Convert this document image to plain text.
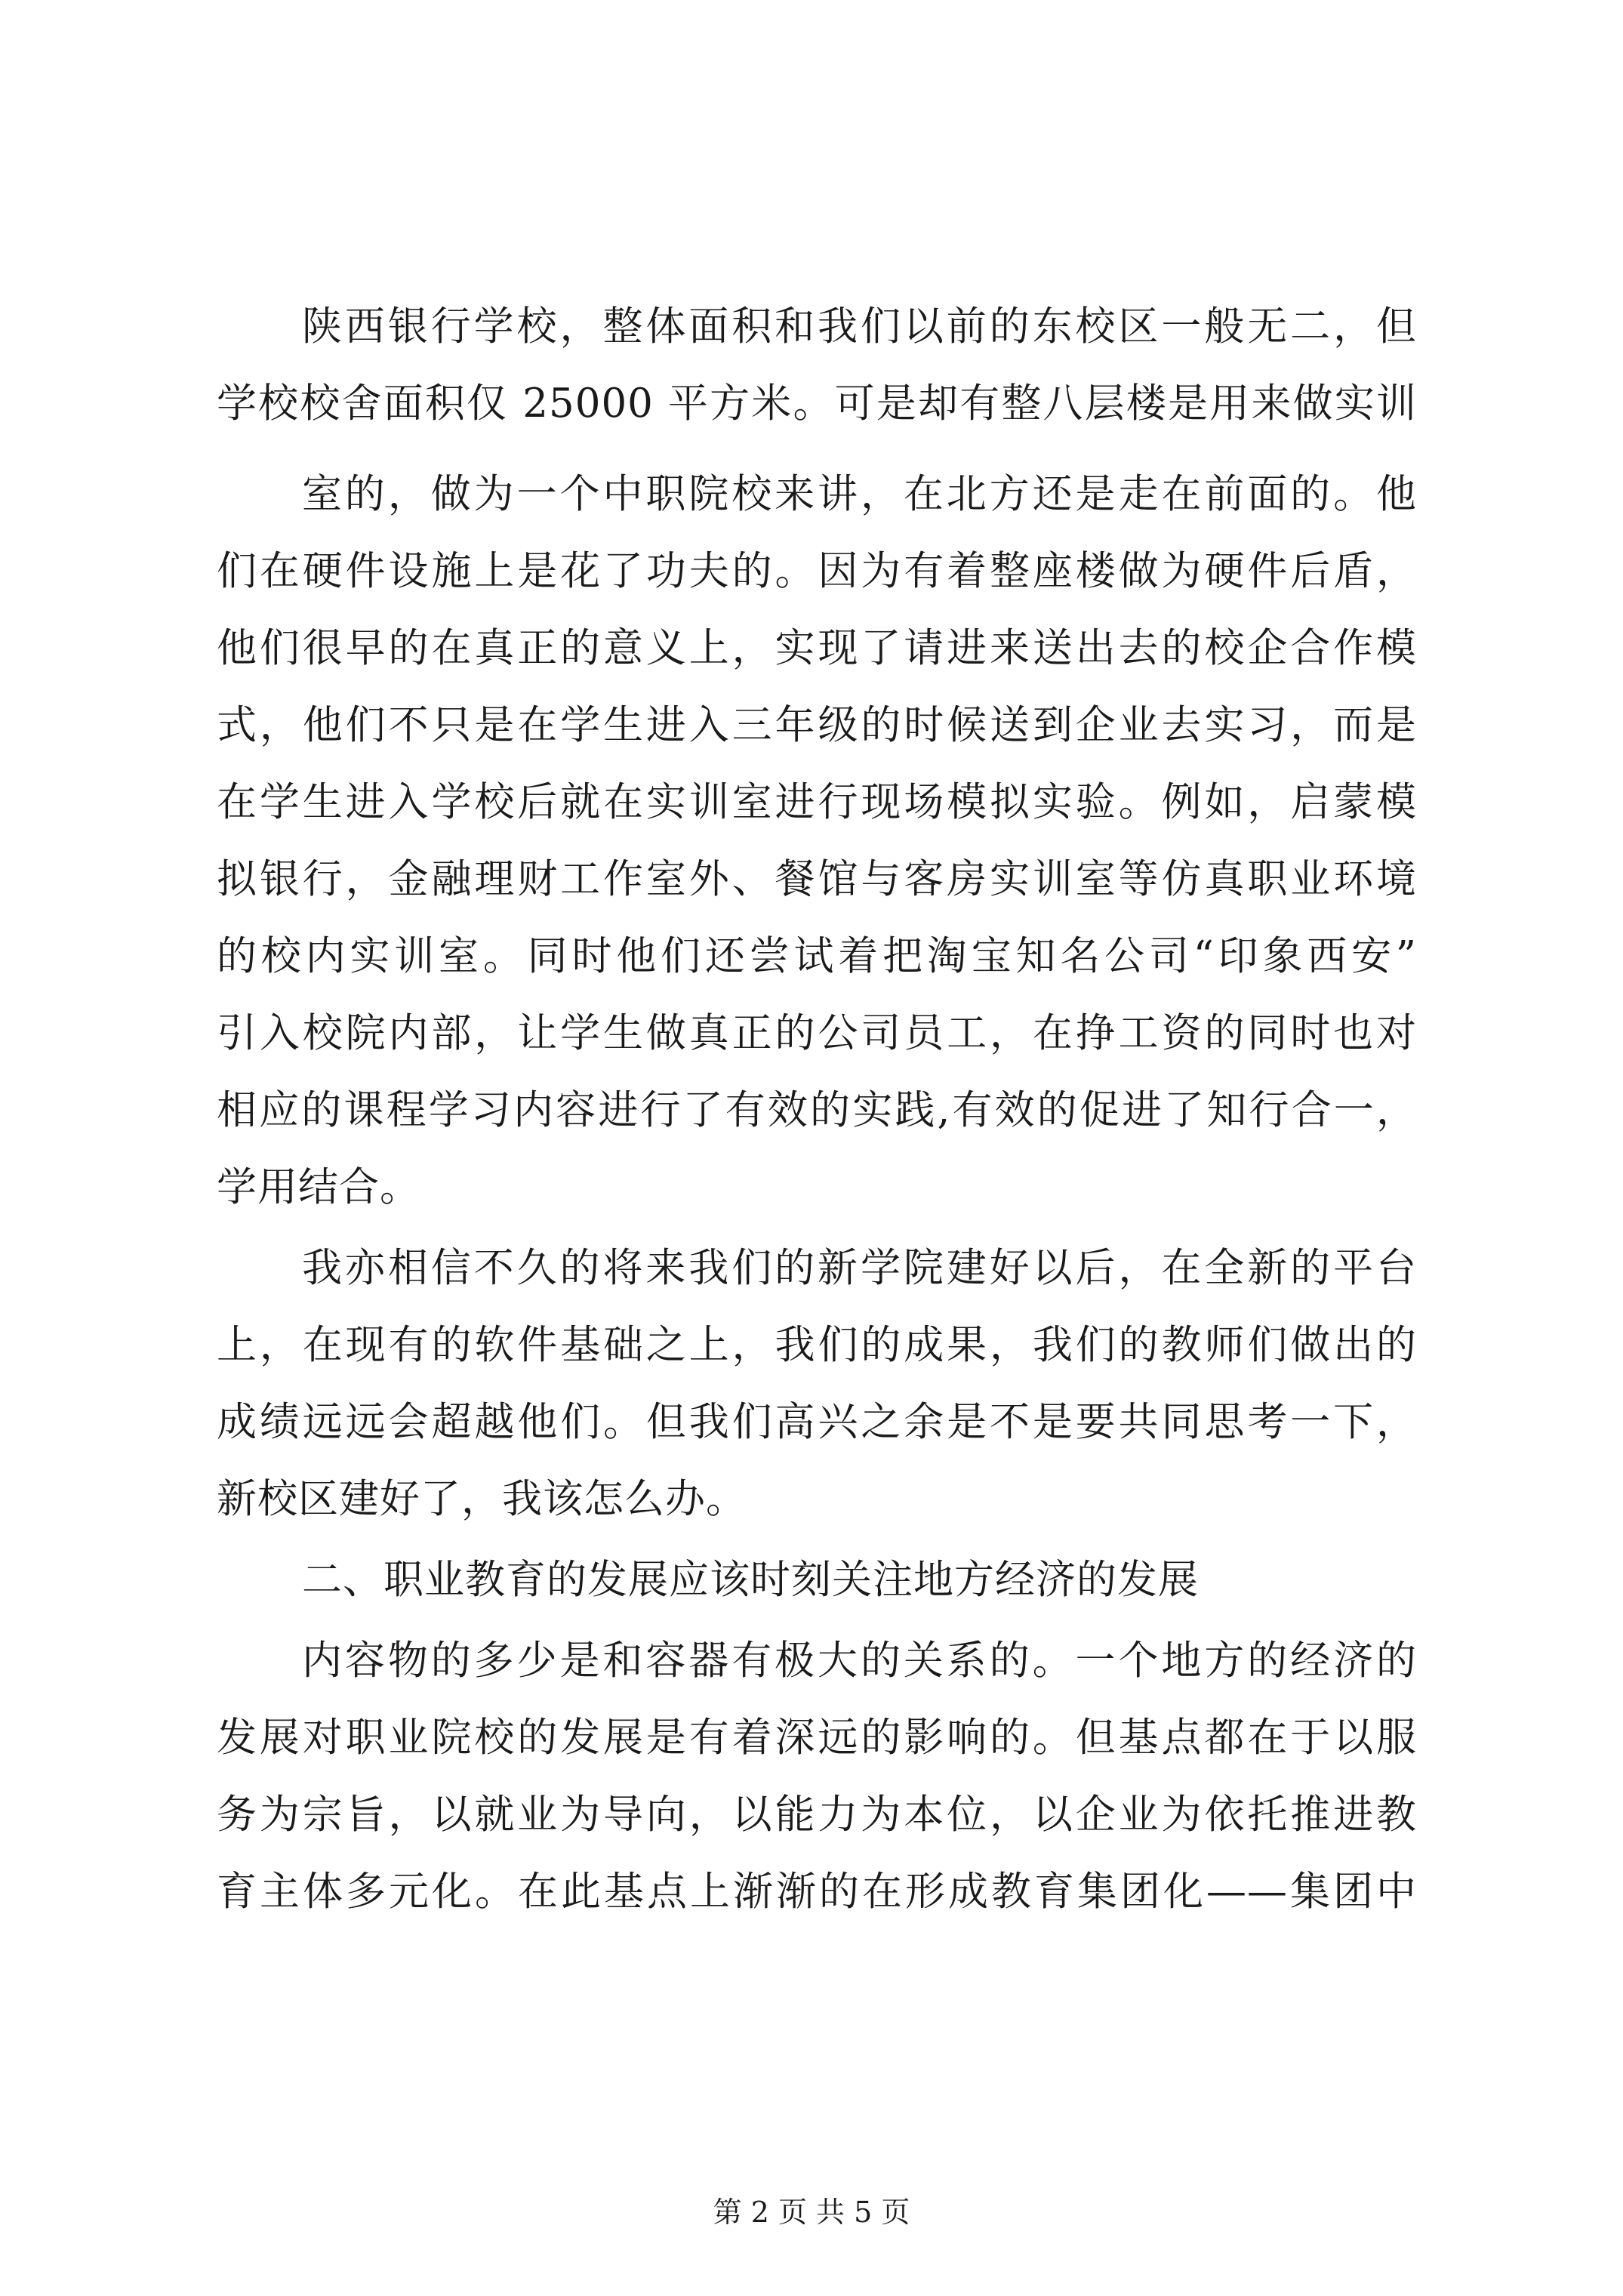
陕西银行学校，整体面积和我们以前的东校区一般无二，但
学校校舍面积仅 25000 平方米。可是却有整八层楼是用来做实训
室的，做为一个中职院校来讲，在北方还是走在前面的。他
们在硬件设施上是花了功夫的。因为有着整座楼做为硬件后盾，
他们很早的在真正的意义上，实现了请进来送出去的校企合作模
式，他们不只是在学生进入三年级的时候送到企业去实习，而是
在学生进入学校后就在实训室进行现场模拟实验。例如，启蒙模
拟银行，金融理财工作室外、餐馆与客房实训室等仿真职业环境
的校内实训室。同时他们还尝试着把淘宝知名公司“印象西安”
引入校院内部，让学生做真正的公司员工，在挣工资的同时也对
相应的课程学习内容进行了有效的实践,有效的促进了知行合一，
学用结合。
我亦相信不久的将来我们的新学院建好以后，在全新的平台
上，在现有的软件基础之上，我们的成果，我们的教师们做出的
成绩远远会超越他们。但我们高兴之余是不是要共同思考一下，
新校区建好了，我该怎么办。
二、职业教育的发展应该时刻关注地方经济的发展
内容物的多少是和容器有极大的关系的。一个地方的经济的
发展对职业院校的发展是有着深远的影响的。但基点都在于以服
务为宗旨，以就业为导向，以能力为本位，以企业为依托推进教
育主体多元化。在此基点上渐渐的在形成教育集团化——集团中
第 2 页 共 5 页
